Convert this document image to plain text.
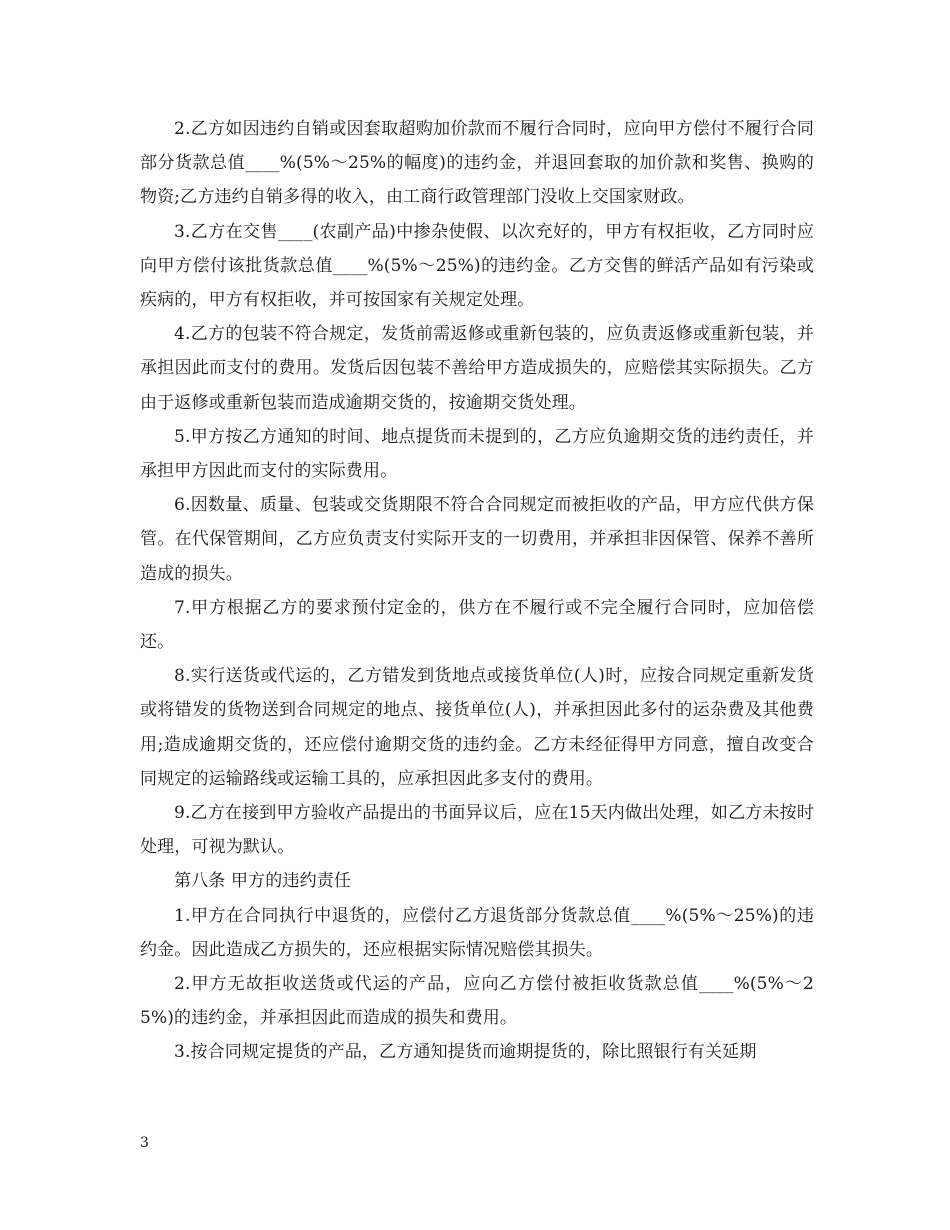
2.乙方如因违约自销或因套取超购加价款而不履行合同时，应向甲方偿付不履行合同部分货款总值____%(5%～25%的幅度)的违约金，并退回套取的加价款和奖售、换购的物资;乙方违约自销多得的收入，由工商行政管理部门没收上交国家财政。

3.乙方在交售____(农副产品)中掺杂使假、以次充好的，甲方有权拒收，乙方同时应向甲方偿付该批货款总值____%(5%～25%)的违约金。乙方交售的鲜活产品如有污染或疾病的，甲方有权拒收，并可按国家有关规定处理。

4.乙方的包装不符合规定，发货前需返修或重新包装的，应负责返修或重新包装，并承担因此而支付的费用。发货后因包装不善给甲方造成损失的，应赔偿其实际损失。乙方由于返修或重新包装而造成逾期交货的，按逾期交货处理。

5.甲方按乙方通知的时间、地点提货而未提到的，乙方应负逾期交货的违约责任，并承担甲方因此而支付的实际费用。

6.因数量、质量、包装或交货期限不符合合同规定而被拒收的产品，甲方应代供方保管。在代保管期间，乙方应负责支付实际开支的一切费用，并承担非因保管、保养不善所造成的损失。

7.甲方根据乙方的要求预付定金的，供方在不履行或不完全履行合同时，应加倍偿还。

8.实行送货或代运的，乙方错发到货地点或接货单位(人)时，应按合同规定重新发货或将错发的货物送到合同规定的地点、接货单位(人)，并承担因此多付的运杂费及其他费用;造成逾期交货的，还应偿付逾期交货的违约金。乙方未经征得甲方同意，擅自改变合同规定的运输路线或运输工具的，应承担因此多支付的费用。

9.乙方在接到甲方验收产品提出的书面异议后，应在15天内做出处理，如乙方未按时处理，可视为默认。

第八条 甲方的违约责任

1.甲方在合同执行中退货的，应偿付乙方退货部分货款总值____%(5%～25%)的违约金。因此造成乙方损失的，还应根据实际情况赔偿其损失。

2.甲方无故拒收送货或代运的产品，应向乙方偿付被拒收货款总值____%(5%～25%)的违约金，并承担因此而造成的损失和费用。

3.按合同规定提货的产品，乙方通知提货而逾期提货的，除比照银行有关延期

3
